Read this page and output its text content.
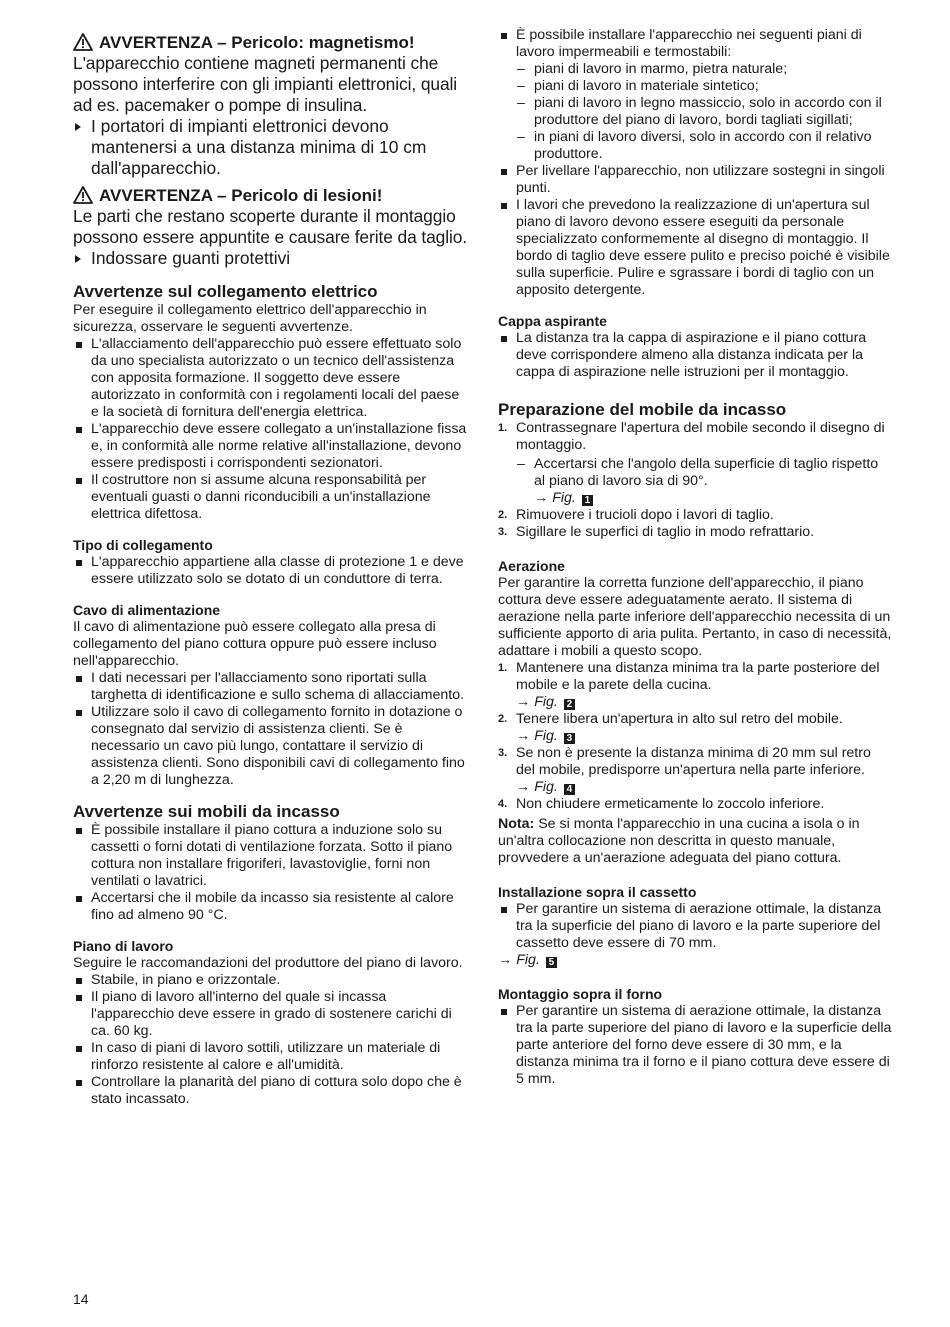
AVVERTENZA – Pericolo: magnetismo!
L'apparecchio contiene magneti permanenti che possono interferire con gli impianti elettronici, quali ad es. pacemaker o pompe di insulina.
I portatori di impianti elettronici devono mantenersi a una distanza minima di 10 cm dall'apparecchio.
AVVERTENZA – Pericolo di lesioni!
Le parti che restano scoperte durante il montaggio possono essere appuntite e causare ferite da taglio.
Indossare guanti protettivi
Avvertenze sul collegamento elettrico

Per eseguire il collegamento elettrico dell'apparecchio in sicurezza, osservare le seguenti avvertenze.

L'allacciamento dell'apparecchio può essere effettuato solo da uno specialista autorizzato o un tecnico dell'assistenza con apposita formazione. Il soggetto deve essere autorizzato in conformità con i regolamenti locali del paese e la società di fornitura dell'energia elettrica.
L'apparecchio deve essere collegato a un'installazione fissa e, in conformità alle norme relative all'installazione, devono essere predisposti i corrispondenti sezionatori.
Il costruttore non si assume alcuna responsabilità per eventuali guasti o danni riconducibili a un'installazione elettrica difettosa.
Tipo di collegamento
L'apparecchio appartiene alla classe di protezione 1 e deve essere utilizzato solo se dotato di un conduttore di terra.
Cavo di alimentazione

Il cavo di alimentazione può essere collegato alla presa di collegamento del piano cottura oppure può essere incluso nell'apparecchio.

I dati necessari per l'allacciamento sono riportati sulla targhetta di identificazione e sullo schema di allacciamento.
Utilizzare solo il cavo di collegamento fornito in dotazione o consegnato dal servizio di assistenza clienti. Se è necessario un cavo più lungo, contattare il servizio di assistenza clienti. Sono disponibili cavi di collegamento fino a 2,20 m di lunghezza.
Avvertenze sui mobili da incasso
È possibile installare il piano cottura a induzione solo su cassetti o forni dotati di ventilazione forzata. Sotto il piano cottura non installare frigoriferi, lavastoviglie, forni non ventilati o lavatrici.
Accertarsi che il mobile da incasso sia resistente al calore fino ad almeno 90 °C.
Piano di lavoro

Seguire le raccomandazioni del produttore del piano di lavoro.

Stabile, in piano e orizzontale.
Il piano di lavoro all'interno del quale si incassa l'apparecchio deve essere in grado di sostenere carichi di ca. 60 kg.
In caso di piani di lavoro sottili, utilizzare un materiale di rinforzo resistente al calore e all'umidità.
Controllare la planarità del piano di cottura solo dopo che è stato incassato.
È possibile installare l'apparecchio nei seguenti piani di lavoro impermeabili e termostabili:
– piani di lavoro in marmo, pietra naturale;
– piani di lavoro in materiale sintetico;
– piani di lavoro in legno massiccio, solo in accordo con il produttore del piano di lavoro, bordi tagliati sigillati;
– in piani di lavoro diversi, solo in accordo con il relativo produttore.
Per livellare l'apparecchio, non utilizzare sostegni in singoli punti.
I lavori che prevedono la realizzazione di un'apertura sul piano di lavoro devono essere eseguiti da personale specializzato conformemente al disegno di montaggio. Il bordo di taglio deve essere pulito e preciso poiché è visibile sulla superficie. Pulire e sgrassare i bordi di taglio con un apposito detergente.
Cappa aspirante
La distanza tra la cappa di aspirazione e il piano cottura deve corrispondere almeno alla distanza indicata per la cappa di aspirazione nelle istruzioni per il montaggio.
Preparazione del mobile da incasso
1. Contrassegnare l'apertura del mobile secondo il disegno di montaggio.
– Accertarsi che l'angolo della superficie di taglio rispetto al piano di lavoro sia di 90°.
→ Fig. 1
2. Rimuovere i trucioli dopo i lavori di taglio.
3. Sigillare le superfici di taglio in modo refrattario.
Aerazione

Per garantire la corretta funzione dell'apparecchio, il piano cottura deve essere adeguatamente aerato. Il sistema di aerazione nella parte inferiore dell'apparecchio necessita di un sufficiente apporto di aria pulita. Pertanto, in caso di necessità, adattare i mobili a questo scopo.

1. Mantenere una distanza minima tra la parte posteriore del mobile e la parete della cucina.
→ Fig. 2
2. Tenere libera un'apertura in alto sul retro del mobile.
→ Fig. 3
3. Se non è presente la distanza minima di 20 mm sul retro del mobile, predisporre un'apertura nella parte inferiore.
→ Fig. 4
4. Non chiudere ermeticamente lo zoccolo inferiore.

Nota: Se si monta l'apparecchio in una cucina a isola o in un'altra collocazione non descritta in questo manuale, provvedere a un'aerazione adeguata del piano cottura.

Installazione sopra il cassetto
Per garantire un sistema di aerazione ottimale, la distanza tra la superficie del piano di lavoro e la parte superiore del cassetto deve essere di 70 mm.
→ Fig. 5
Montaggio sopra il forno
Per garantire un sistema di aerazione ottimale, la distanza tra la parte superiore del piano di lavoro e la superficie della parte anteriore del forno deve essere di 30 mm, e la distanza minima tra il forno e il piano cottura deve essere di 5 mm.
14
